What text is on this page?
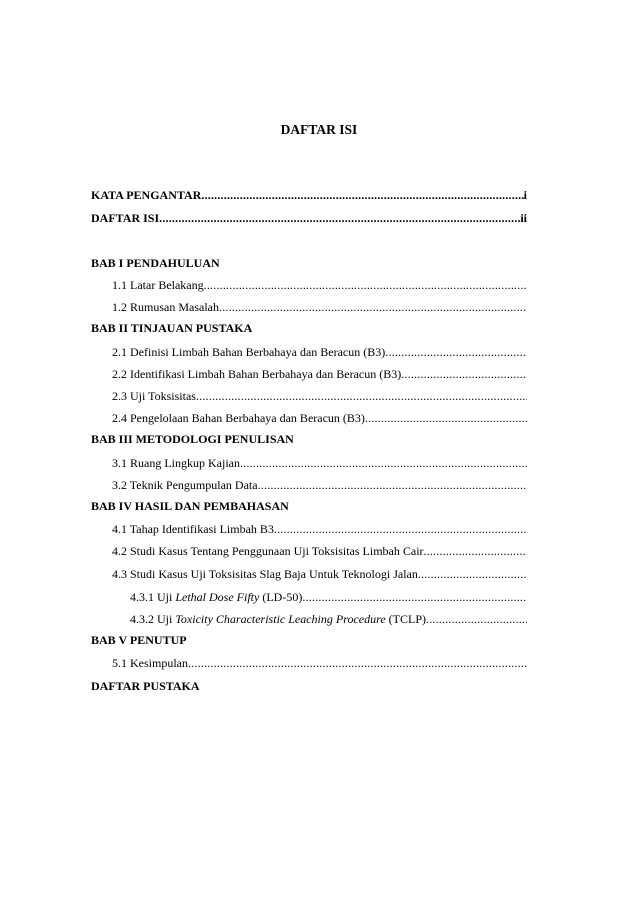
DAFTAR ISI
KATA PENGANTAR .....	i
DAFTAR ISI .....	ii
BAB I PENDAHULUAN
1.1 Latar Belakang
.....
1.2 Rumusan Masalah
.....
BAB II TINJAUAN PUSTAKA
2.1 Definisi Limbah Bahan Berbahaya dan Beracun (B3)
.....
2.2 Identifikasi Limbah Bahan Berbahaya dan Beracun (B3)
.....
2.3 Uji Toksisitas
.....
2.4 Pengelolaan Bahan Berbahaya dan Beracun (B3)
.....
BAB III METODOLOGI PENULISAN
3.1 Ruang Lingkup Kajian
.....
3.2 Teknik Pengumpulan Data
.....
BAB IV HASIL DAN PEMBAHASAN
4.1 Tahap Identifikasi Limbah B3
.....
4.2 Studi Kasus Tentang Penggunaan Uji Toksisitas Limbah Cair
.....
4.3 Studi Kasus Uji Toksisitas Slag Baja Untuk Teknologi Jalan
.....
4.3.1 Uji Lethal Dose Fifty (LD-50)
.....
4.3.2 Uji Toxicity Characteristic Leaching Procedure (TCLP)
.....
BAB V PENUTUP
5.1 Kesimpulan
.....
DAFTAR PUSTAKA
